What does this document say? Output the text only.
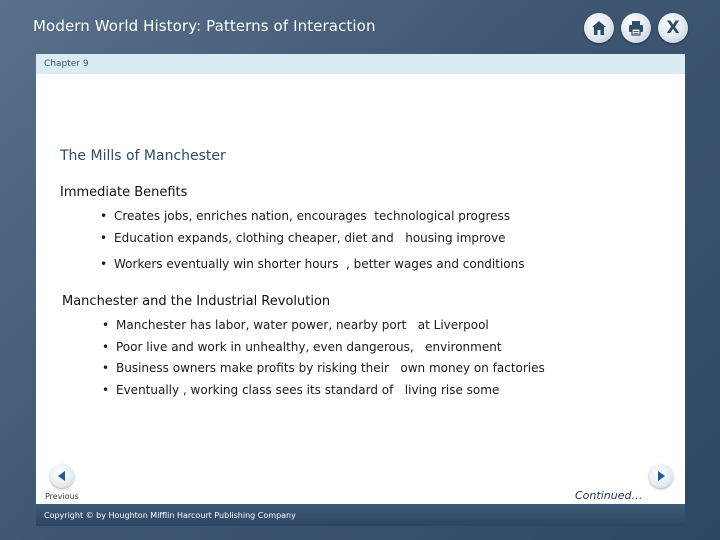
Modern World History: Patterns of Interaction	X
Chapter 9
The Mills of Manchester
Immediate Benefits
• Creates jobs, enriches nation, encourages  technological progress
• Education expands, clothing cheaper, diet and   housing improve
• Workers eventually win shorter hours  , better wages and conditions
Manchester and the Industrial Revolution
• Manchester has labor, water power, nearby port   at Liverpool
• Poor live and work in unhealthy, even dangerous,   environment
• Business owners make profits by risking their   own money on factories
• Eventually , working class sees its standard of   living rise some
Previous	Continued… Next
Copyright © by Houghton Mifflin Harcourt Publishing Company
